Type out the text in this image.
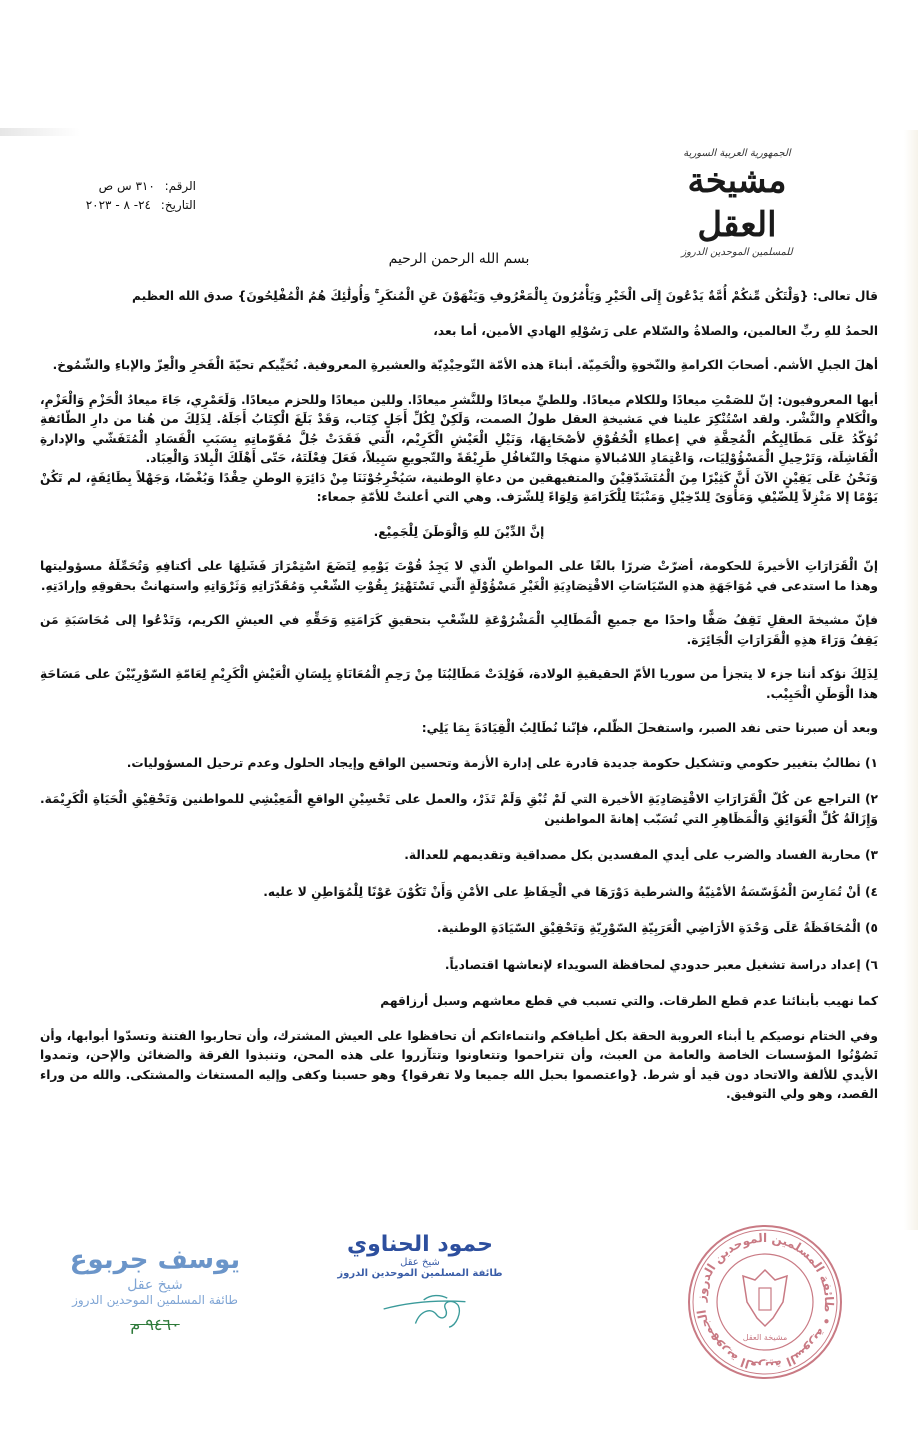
الجمهورية العربية السورية
مشيخة العقل
للمسلمين الموحدين الدروز
الرقم: ٣١٠ س ص
التاريخ: ٢٤- ٨ - ٢٠٢٣
بسم الله الرحمن الرحيم

قال تعالى: {وَلْتَكُن مِّنكُمْ أُمَّةٌ يَدْعُونَ إِلَى الْخَيْرِ وَيَأْمُرُونَ بِالْمَعْرُوفِ وَيَنْهَوْنَ عَنِ الْمُنكَرِ ۚ وَأُولَٰئِكَ هُمُ الْمُفْلِحُونَ} صدق الله العظيم

الحمدُ للهِ ربِّ العالمين، والصلاةُ والسّلام على رَسُوْلِهِ الهادي الأمين، أما بعد،

أهلَ الجبلِ الأشم. أصحابَ الكرامةِ والنّخوةِ والْحَمِيّة. أبناءَ هذه الأمّة التّوحِيْدِيّة والعشيرةِ المعروفية. نُحَيِّيكم تحيّةَ الْفَخرِ والْعِزّ والإباءِ والشّمُوخ.

أيها المعروفيون: إنّ للصَمْتِ ميعادًا وللكلام ميعادًا. وللطيِّ ميعادًا وللنَّشرِ ميعادًا. وللين ميعادًا وللحزم ميعادًا. وَلَعَمْرِي، جَاءَ ميعادُ الْحَزْمِ وَالْعَزْمِ، والْكَلامِ والنَّشْر. ولقد اسْتُنْكِرَ علينا في مَشيخةِ العقل طولُ الصمت، وَلَكِنْ لِكُلِّ أَجَلٍ كِتَاب، وَقَدْ بَلَغَ الْكِتَابُ أَجَلَهُ. لِذَلِكَ من هُنا من دارِ الطّائفةِ نُؤكّدُ عَلَى مَطَالِبِكُم الْمُحِقَّةِ في إعطاءِ الْحُقُوْقِ لأصْحَابِهَا، وَنَيْلِ الْعَيْشِ الْكَرِيْم، الّتي فَقَدَتْ جُلَّ مُقَوّماتِهِ بِسَبَبِ الْفَسَادِ الْمُتَفَشّي والإدارةِ الْفَاشِلَة، وَتَرْحِيلِ الْمَسْؤُوْلِيَات، وَاعْتِمَادِ اللامُبالاةِ منهجًا والتّغافُلِ طَرِيْقَةً والتّجويعِ سَبِيلاً، فَعَلَ فِعْلَتَهُ، حَتّى أَهْلَكَ الْبِلادَ وَالْعِبَاد.

وَنَحْنُ عَلَى يَقِيْنٍ الآنَ أَنَّ كَثِيْرًا مِنَ الْمُتَشَدّقِيْنَ والمتفيهقين من دعاةِ الوطنية، سَيُخْرِجُوْنَنَا مِنْ دَائِرَةِ الوطنِ حِقْدًا وَبُغْضًا، وَجَهْلاً بِطَائِفَةٍ، لم تَكُنْ يَوْمًا إلا مَنْزِلاً لِلضّيْفِ وَمَأْوَىً لِلدّخِيْلِ وَمَنْبَتًا لِلْكَرَامَةِ وَلِوَاءً لِلشّرَف. وهي التي أعلنتْ للأمّةِ جمعاء:

إنَّ الدِّيْنَ للهِ وَالْوَطَنَ لِلْجَمِيْع.

إنّ الْقَرَارَاتِ الأخيرةَ للحكومة، أضرّتْ ضررًا بالغًا على المواطنِ الّذي لا يَجِدُ قُوْتَ يَوْمِهِ لِتَضَعَ اسْتِمْرَارَ فَشَلِهَا على أكتافِهِ وَتُحَمِّلَهُ مسؤوليتها وهذا ما استدعى في مُوَاجَهَةِ هذهِ السّيَاسَاتِ الاقْتِصَادِيَةِ الْغَيْرِ مَسْؤُوْلَةٍ الّتي تَسْتَهْتِرُ بِقُوْتِ الشّعْبِ وَمُقَدّرَاتِهِ وَثَرْوَاتِهِ واستهانتْ بحقوقِهِ وإرادَتِهِ.

فإنّ مشيخةَ العقلِ تَقِفُ صَفًّا واحدًا مع جميعِ الْمَطَالِبِ الْمَشْرُوْعَةِ للشّعْبِ بتحقيقِ كَرَامَتِهِ وَحَقِّهِ في العيشِ الكريم، وَتَدْعُوا إلى مُحَاسَبَةِ مَن يَقِفُ وَرَاءَ هذِهِ الْقَرَارَاتِ الْجَائِرَة.

لِذَلِكَ نؤكد أننا جزء لا يتجزأ من سوريا الأمّ الحقيقيةِ الولادة، فَوُلِدَتْ مَطَالِبُنَا مِنْ رَحِمِ الْمُعَانَاةِ بِلِسَانِ الْعَيْشِ الْكَرِيْمِ لِعَامّةِ السّوْرِيّيْنَ على مَسَاحَةِ هذا الْوَطَنِ الْحَبِيْب.

وبعد أن صبرنا حتى نفد الصبر، واستفحلَ الظّلم، فإنّنا نُطَالِبُ الْقِيَادَةَ بِمَا يَلِي:

١) نطالبُ بتغيير حكومي وتشكيل حكومة جديدة قادرة على إدارة الأزمة وتحسين الواقع وإيجاد الحلول وعدم ترحيل المسؤوليات.
٢) التراجع عن كُلّ الْقَرَارَاتِ الاقْتِصَادِيَةِ الأخيرة التي لَمْ تُبْقِ وَلَمْ تَذَرْ، والعمل على تَحْسِيْنِ الواقعِ الْمَعِيْشِي للمواطنين وَتَحْقِيْقِ الْحَيَاةِ الْكَرِيْمَة. وَإِزَالَةُ كُلِّ الْعَوَائِقِ وَالْمَظَاهِرِ التي تُسَبّب إهانةَ المواطنين
٣) محاربة الفساد والضرب على أيدي المفسدين بكل مصداقية وتقديمهم للعدالة.
٤) أنْ تُمَارِسَ الْمُؤَسّسَةُ الأمْنِيّةُ والشرطية دَوْرَهَا في الْحِفَاظِ على الأمْنِ وَأَنْ تَكُوْنَ عَوْنًا لِلْمُوَاطِنِ لا عليه.
٥) الْمُحَافَظَةُ عَلَى وَحْدَةِ الأرَاضِي الْعَرَبِيّةِ السّوْرِيّةِ وَتَحْقِيْقِ السّيَادَةِ الوطنية.
٦) إعداد دراسة تشغيل معبر حدودي لمحافظة السويداء لإنعاشها اقتصادياً.

كما نهيب بأبنائنا عدم قطع الطرقات. والتي تسبب في قطع معاشهم وسبل أرزاقهم

وفي الختام نوصيكم يا أبناء العروبة الحقة بكل أطيافكم وانتماءاتكم أن تحافظوا على العيش المشترك، وأن تحاربوا الفتنة وتسدّوا أبوابها، وأن تَصُوْنُوا المؤسسات الخاصة والعامة من العبث، وأن تتراحموا وتتعاونوا وتتآزروا على هذه المحن، وتنبذوا الفرقة والضغائن والإحن، وتمدوا الأيدي للألفة والاتحاد دون قيد أو شرط. {واعتصموا بحبل الله جميعا ولا تفرقوا} وهو حسبنا وكفى وإليه المستغاث والمشتكى. والله من وراء القصد، وهو ولي التوفيق.

يوسف جربوع
شيخ عقل
طائفة المسلمين الموحدين الدروز
٩٤٦٠ م
حمود الحناوي
شيخ عقل
طائفة المسلمين الموحدين الدروز
الجمهورية العربية السورية • طائفة المسلمين الموحدين الدروز
مشيخة العقل
